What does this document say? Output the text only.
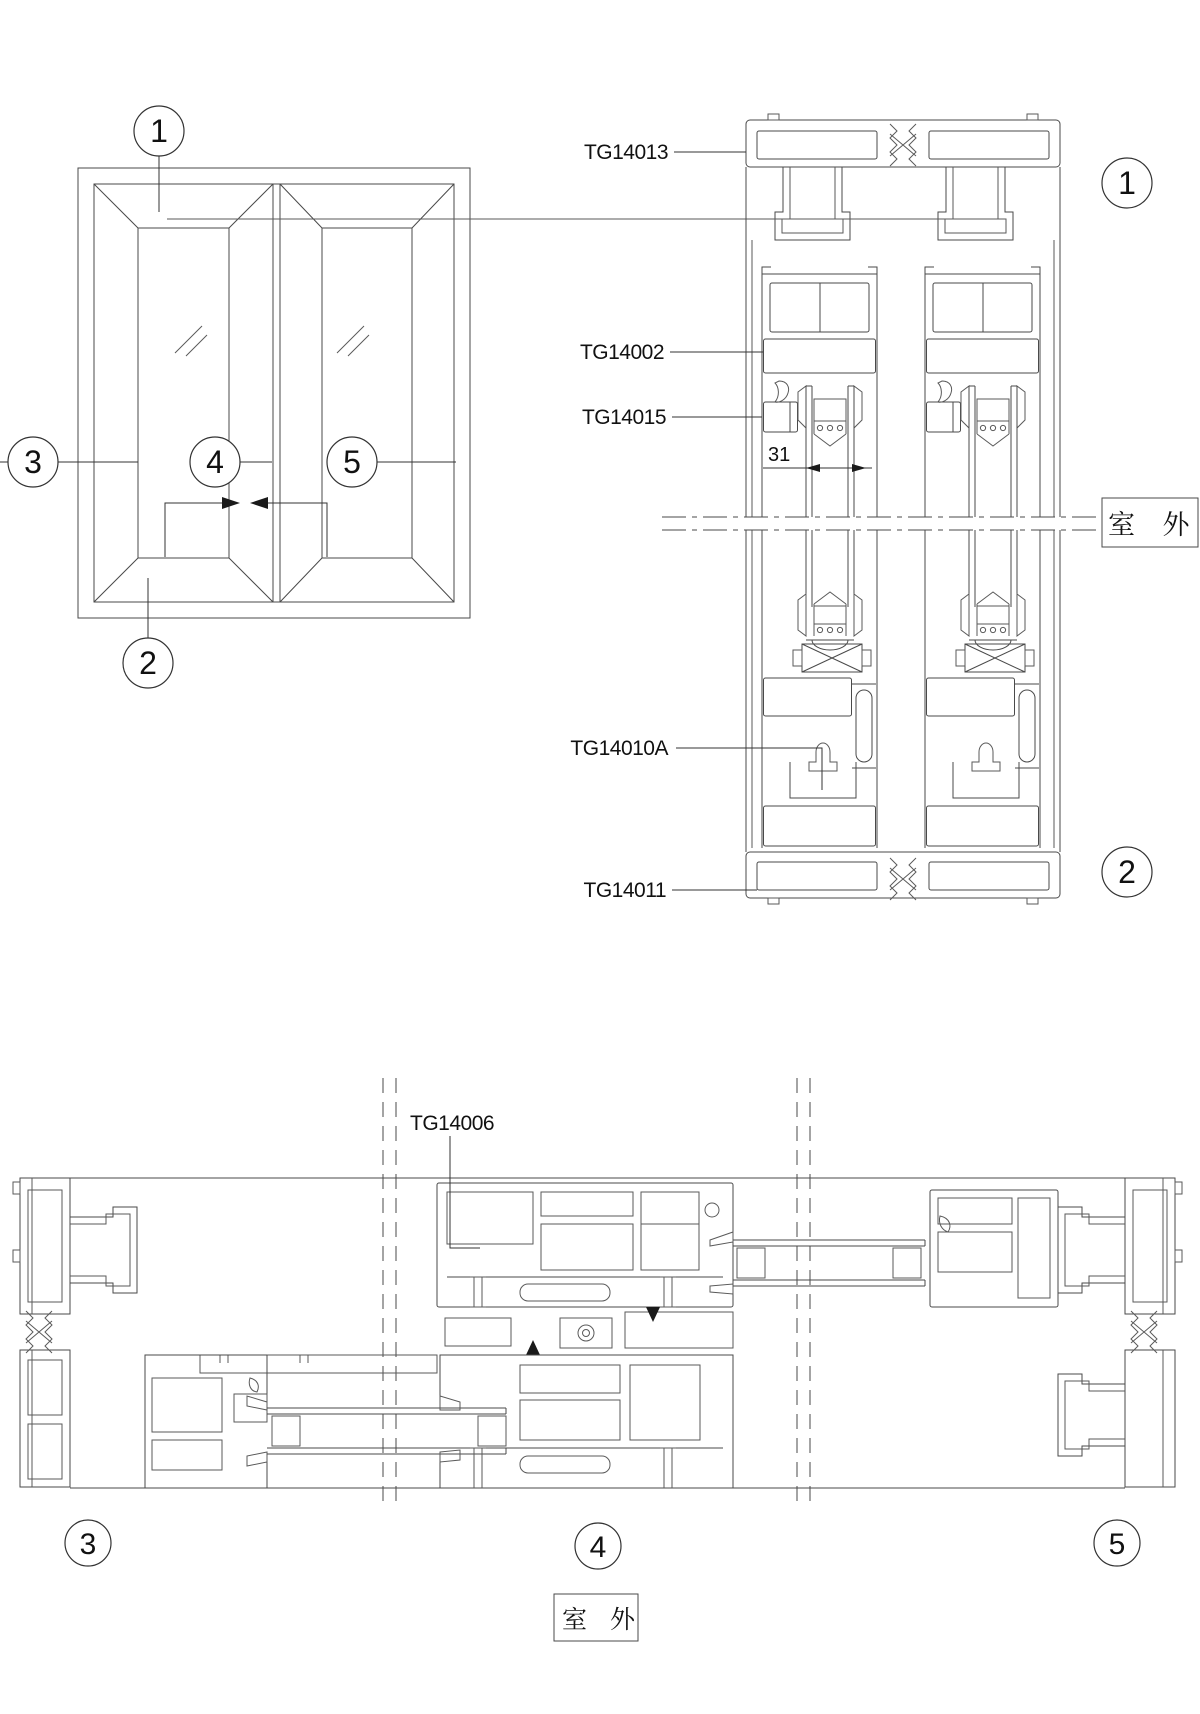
1
2
3	4	5	31
TG14013
TG14002
TG14015
TG14010A
TG14011
室 外
1
2
TG14006
3	4	5
室 外
